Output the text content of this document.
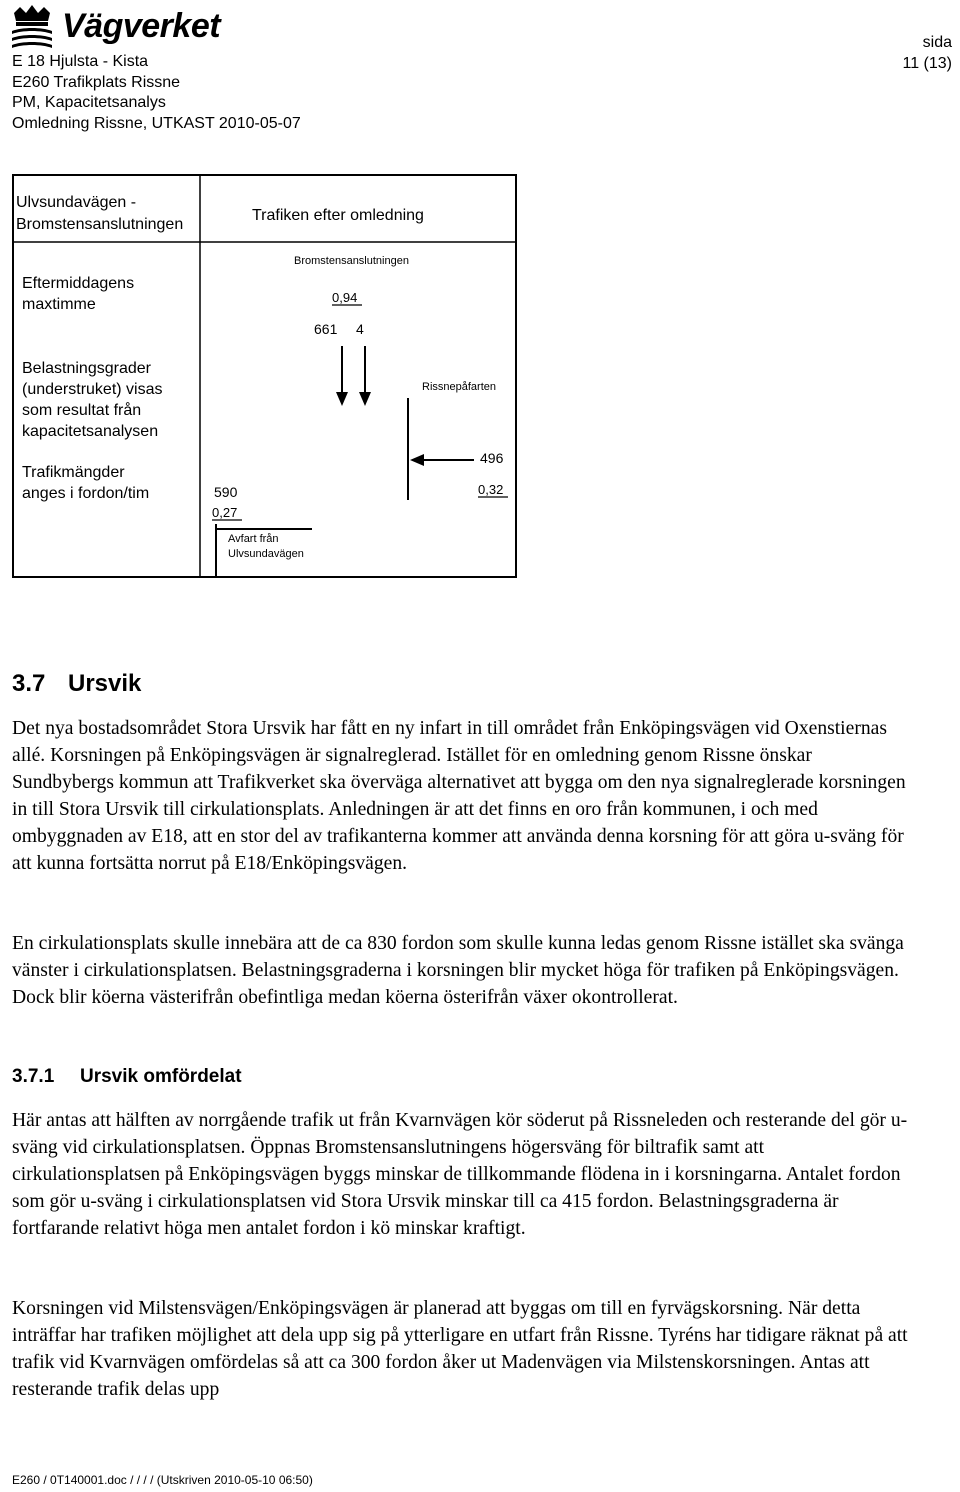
Vägverket
E 18 Hjulsta - Kista
E260 Trafikplats Rissne
PM, Kapacitetsanalys
Omledning Rissne, UTKAST 2010-05-07
sida
11 (13)
Ulvsundavägen - Bromstensanslutningen
Trafiken efter omledning
Eftermiddagens maxtimme
Belastningsgrader (understruket) visas som resultat från kapacitetsanalysen
Trafikmängder anges i fordon/tim
Bromstensanslutningen
0,94
661 4
Rissnepåfarten
496
0,32
590
0,27
Avfart från Ulvsundavägen
3.7 Ursvik
Det nya bostadsområdet Stora Ursvik har fått en ny infart in till området från Enköpingsvägen vid Oxenstiernas allé. Korsningen på Enköpingsvägen är signalreglerad. Istället för en omledning genom Rissne önskar Sundbybergs kommun att Trafikverket ska överväga alternativet att bygga om den nya signalreglerade korsningen in till Stora Ursvik till cirkulationsplats. Anledningen är att det finns en oro från kommunen, i och med ombyggnaden av E18, att en stor del av trafikanterna kommer att använda denna korsning för att göra u-sväng för att kunna fortsätta norrut på E18/Enköpingsvägen.
En cirkulationsplats skulle innebära att de ca 830 fordon som skulle kunna ledas genom Rissne istället ska svänga vänster i cirkulationsplatsen. Belastningsgraderna i korsningen blir mycket höga för trafiken på Enköpingsvägen. Dock blir köerna västerifrån obefintliga medan köerna österifrån växer okontrollerat.
3.7.1 Ursvik omfördelat
Här antas att hälften av norrgående trafik ut från Kvarnvägen kör söderut på Rissneleden och resterande del gör u-sväng vid cirkulationsplatsen. Öppnas Bromstensanslutningens högersväng för biltrafik samt att cirkulationsplatsen på Enköpingsvägen byggs minskar de tillkommande flödena in i korsningarna. Antalet fordon som gör u-sväng i cirkulationsplatsen vid Stora Ursvik minskar till ca 415 fordon. Belastningsgraderna är fortfarande relativt höga men antalet fordon i kö minskar kraftigt.
Korsningen vid Milstensvägen/Enköpingsvägen är planerad att byggas om till en fyrvägskorsning. När detta inträffar har trafiken möjlighet att dela upp sig på ytterligare en utfart från Rissne. Tyréns har tidigare räknat på att trafik vid Kvarnvägen omfördelas så att ca 300 fordon åker ut Madenvägen via Milstenskorsningen. Antas att resterande trafik delas upp
E260 / 0T140001.doc / / / / (Utskriven 2010-05-10 06:50)
